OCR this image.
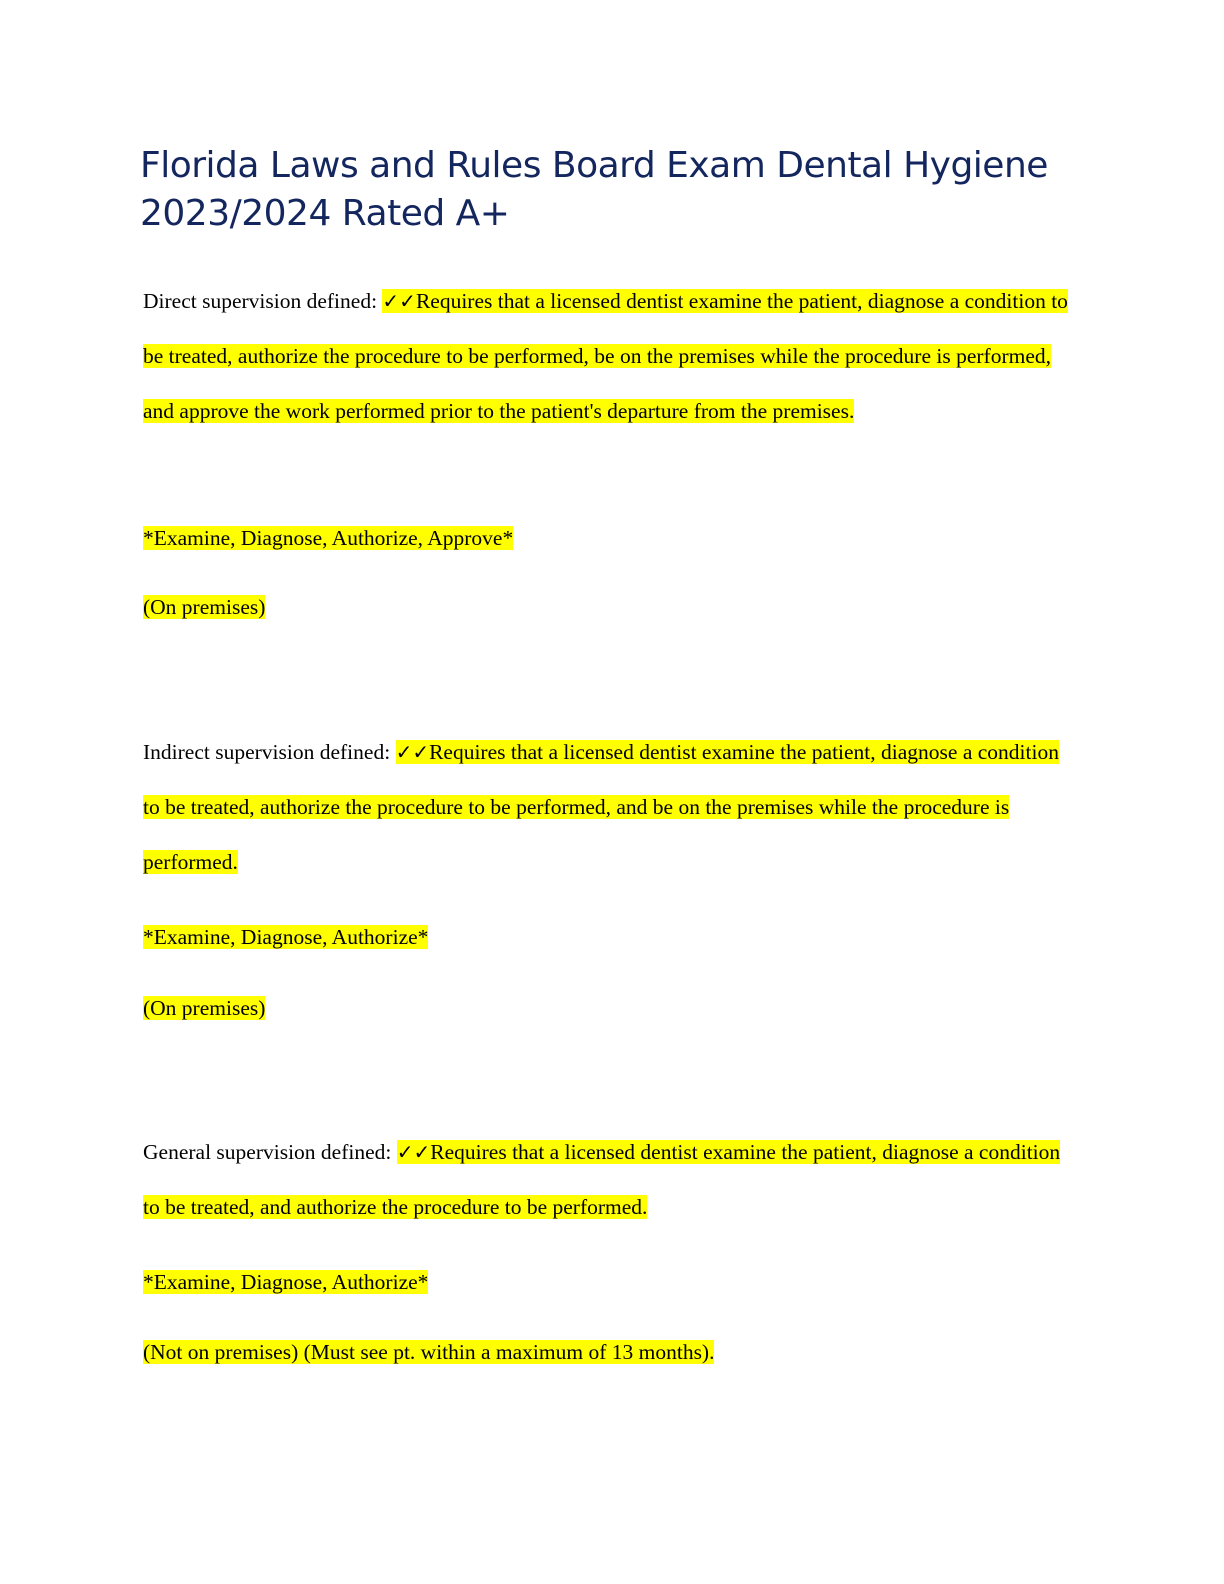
Florida Laws and Rules Board Exam Dental Hygiene 2023/2024 Rated A+

Direct supervision defined: ✓✓Requires that a licensed dentist examine the patient, diagnose a condition to be treated, authorize the procedure to be performed, be on the premises while the procedure is performed, and approve the work performed prior to the patient's departure from the premises.

*Examine, Diagnose, Authorize, Approve*

(On premises)

Indirect supervision defined: ✓✓Requires that a licensed dentist examine the patient, diagnose a condition to be treated, authorize the procedure to be performed, and be on the premises while the procedure is performed.

*Examine, Diagnose, Authorize*

(On premises)

General supervision defined: ✓✓Requires that a licensed dentist examine the patient, diagnose a condition to be treated, and authorize the procedure to be performed.

*Examine, Diagnose, Authorize*

(Not on premises) (Must see pt. within a maximum of 13 months).
